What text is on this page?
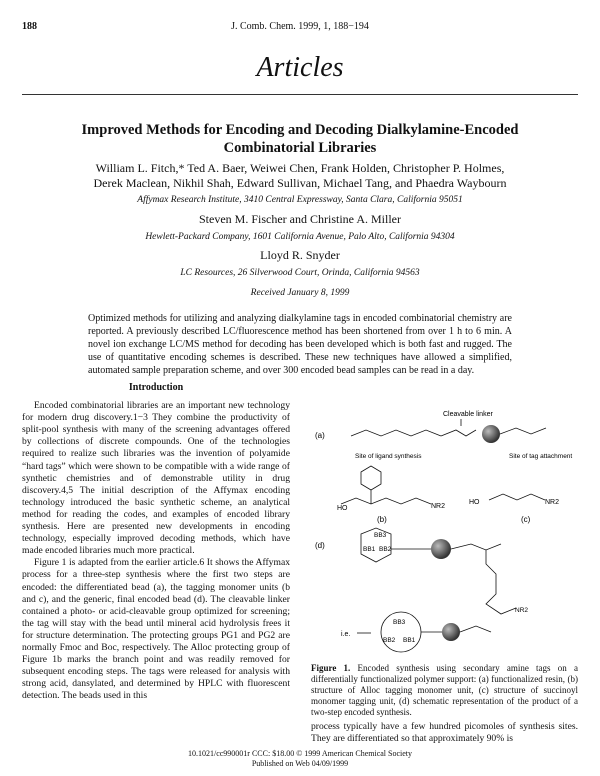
188	J. Comb. Chem. 1999, 1, 188−194
Articles
Improved Methods for Encoding and Decoding Dialkylamine-Encoded Combinatorial Libraries
William L. Fitch,* Ted A. Baer, Weiwei Chen, Frank Holden, Christopher P. Holmes,
Derek Maclean, Nikhil Shah, Edward Sullivan, Michael Tang, and Phaedra Waybourn
Affymax Research Institute, 3410 Central Expressway, Santa Clara, California 95051
Steven M. Fischer and Christine A. Miller
Hewlett-Packard Company, 1601 California Avenue, Palo Alto, California 94304
Lloyd R. Snyder
LC Resources, 26 Silverwood Court, Orinda, California 94563
Received January 8, 1999
Optimized methods for utilizing and analyzing dialkylamine tags in encoded combinatorial chemistry are reported. A previously described LC/fluorescence method has been shortened from over 1 h to 6 min. A novel ion exchange LC/MS method for decoding has been developed which is both fast and rugged. The use of quantitative encoding schemes is described. These new techniques have allowed a simplified, automated sample preparation scheme, and over 300 encoded bead samples can be read in a day.
Introduction

Encoded combinatorial libraries are an important new technology for modern drug discovery.1−3 They combine the productivity of split-pool synthesis with many of the screening advantages offered by collections of discrete compounds. One of the technologies required to realize such libraries was the invention of polyamide “hard tags” which were shown to be compatible with a wide range of synthetic chemistries and of demonstrable utility in drug discovery.4,5 The initial description of the Affymax encoding technology introduced the basic synthetic scheme, an analytical method for reading the codes, and examples of encoded library synthesis. Here are presented new developments in encoding technology, especially improved decoding methods, which have made encoded libraries much more practical.

Figure 1 is adapted from the earlier article.6 It shows the Affymax process for a three-step synthesis where the first two steps are encoded: the differentiated bead (a), the tagging monomer units (b and c), and the generic, final encoded bead (d). The cleavable linker contained a photo- or acid-cleavable group optimized for screening; the tag will stay with the bead until mineral acid hydrolysis frees it for structure determination. The protecting groups PG1 and PG2 are normally Fmoc and Boc, respectively. The Alloc protecting group of Figure 1b marks the branch point and was readily removed for subsequent encoding steps. The tags were released for analysis with strong acid, dansylated, and determined by HPLC with fluorescent detection. The beads used in this

Cleavable linker
(a)
Site of ligand synthesis	Site of tag attachment
HO	NR2
(b)
HO	NR2
(c)
(d)
BB3
BB1 BB2
NR2
i.e.
BB3
BB2 BB1
Figure 1. Encoded synthesis using secondary amine tags on a differentially functionalized polymer support: (a) functionalized resin, (b) structure of Alloc tagging monomer unit, (c) structure of succinoyl monomer tagging unit, (d) schematic representation of the product of a two-step encoded synthesis.
process typically have a few hundred picomoles of synthesis sites. They are differentiated so that approximately 90% is
10.1021/cc990001r CCC: $18.00 © 1999 American Chemical Society
Published on Web 04/09/1999
